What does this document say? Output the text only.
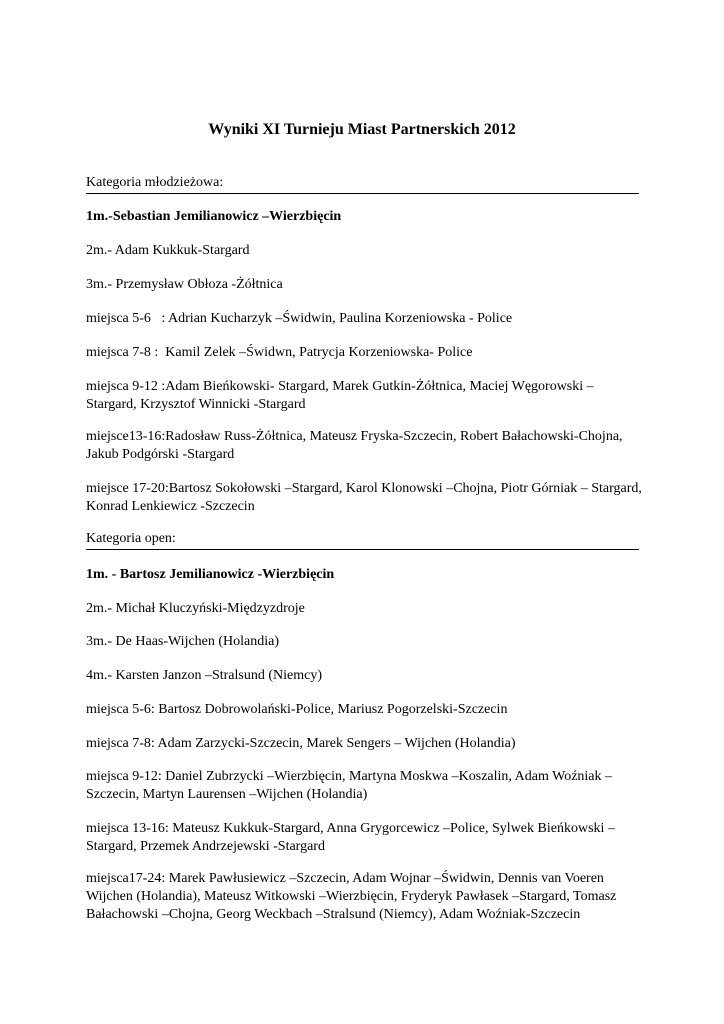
Wyniki XI Turnieju Miast Partnerskich 2012
Kategoria młodzieżowa:

1m.-Sebastian Jemilianowicz –Wierzbięcin

2m.- Adam Kukkuk-Stargard

3m.- Przemysław Obłoza -Żółtnica

miejsca 5-6   : Adrian Kucharzyk –Świdwin, Paulina Korzeniowska - Police

miejsca 7-8 :  Kamil Zelek –Świdwn, Patrycja Korzeniowska- Police

miejsca 9-12 :Adam Bieńkowski- Stargard, Marek Gutkin-Żółtnica, Maciej Węgorowski – Stargard, Krzysztof Winnicki -Stargard

miejsce13-16:Radosław Russ-Żółtnica, Mateusz Fryska-Szczecin, Robert Bałachowski-Chojna, Jakub Podgórski -Stargard

miejsce 17-20:Bartosz Sokołowski –Stargard, Karol Klonowski –Chojna, Piotr Górniak – Stargard, Konrad Lenkiewicz -Szczecin

Kategoria open:

1m. - Bartosz Jemilianowicz -Wierzbięcin

2m.- Michał Kluczyński-Międzyzdroje

3m.- De Haas-Wijchen (Holandia)

4m.- Karsten Janzon –Stralsund (Niemcy)

miejsca 5-6: Bartosz Dobrowolański-Police, Mariusz Pogorzelski-Szczecin

miejsca 7-8: Adam Zarzycki-Szczecin, Marek Sengers – Wijchen (Holandia)

miejsca 9-12: Daniel Zubrzycki –Wierzbięcin, Martyna Moskwa –Koszalin, Adam Woźniak – Szczecin, Martyn Laurensen –Wijchen (Holandia)

miejsca 13-16: Mateusz Kukkuk-Stargard, Anna Grygorcewicz –Police, Sylwek Bieńkowski –Stargard, Przemek Andrzejewski -Stargard

miejsca17-24: Marek Pawłusiewicz –Szczecin, Adam Wojnar –Świdwin, Dennis van Voeren Wijchen (Holandia), Mateusz Witkowski –Wierzbięcin, Fryderyk Pawłasek –Stargard, Tomasz Bałachowski –Chojna, Georg Weckbach –Stralsund (Niemcy), Adam Woźniak-Szczecin
